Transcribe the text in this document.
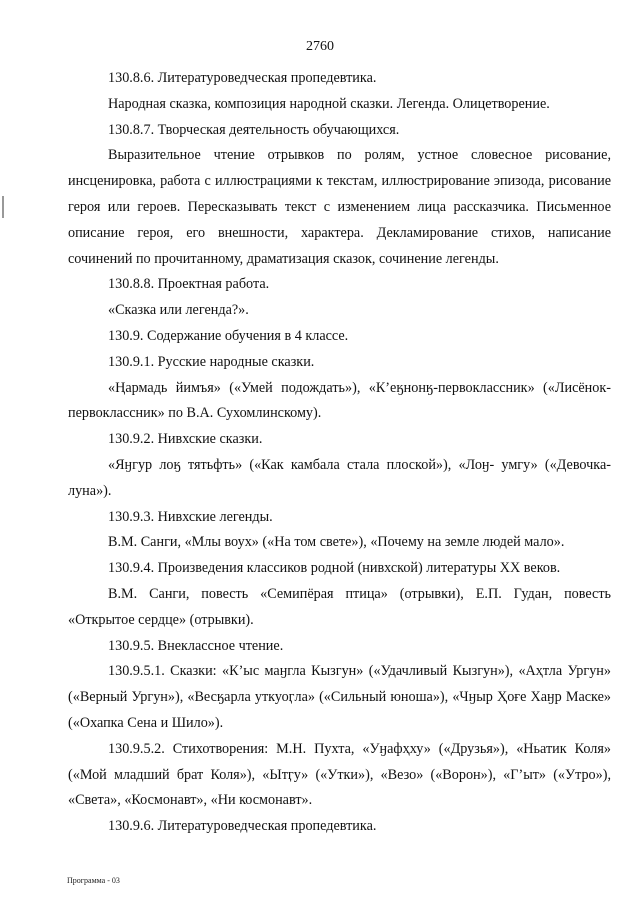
2760

130.8.6. Литературоведческая пропедевтика.

Народная сказка, композиция народной сказки. Легенда. Олицетворение.

130.8.7. Творческая деятельность обучающихся.

Выразительное чтение отрывков по ролям, устное словесное рисование, инсценировка, работа с иллюстрациями к текстам, иллюстрирование эпизода, рисование героя или героев. Пересказывать текст с изменением лица рассказчика. Письменное описание героя, его внешности, характера. Декламирование стихов, написание сочинений по прочитанному, драматизация сказок, сочинение легенды.

130.8.8. Проектная работа.

«Сказка или легенда?».

130.9. Содержание обучения в 4 классе.

130.9.1. Русские народные сказки.

«Ңармадь йимъя» («Умей подождать»), «К’еӄнонӄ-первоклассник» («Лисёнок-первоклассник» по В.А. Сухомлинскому).

130.9.2. Нивхские сказки.

«Яӈгур лоӄ тятьфть» («Как камбала стала плоской»), «Лоӈ- умгу» («Девочка-луна»).

130.9.3. Нивхские легенды.

В.М. Санги, «Млы воух» («На том свете»), «Почему на земле людей мало».

130.9.4. Произведения классиков родной (нивхской) литературы XX веков.

В.М. Санги, повесть «Семипёрая птица» (отрывки), Е.П. Гудан, повесть «Открытое сердце» (отрывки).

130.9.5. Внеклассное чтение.

130.9.5.1. Сказки: «К’ыс маӈгла Кызгун» («Удачливый Кызгун»), «Аҳтла Ургун» («Верный Ургун»), «Весӄарла уткуоӷла» («Сильный юноша»), «Чӈыр Ҳоғе Хаӈр Маске» («Охапка Сена и Шило»).

130.9.5.2. Стихотворения: М.Н. Пухта, «Уӈафҳху» («Друзья»), «Ньатик Коля» («Мой младший брат Коля»), «Ытӷу» («Утки»), «Везо» («Ворон»), «Г’ыт» («Утро»), «Света», «Космонавт», «Ни космонавт».

130.9.6. Литературоведческая пропедевтика.

Программа - 03
